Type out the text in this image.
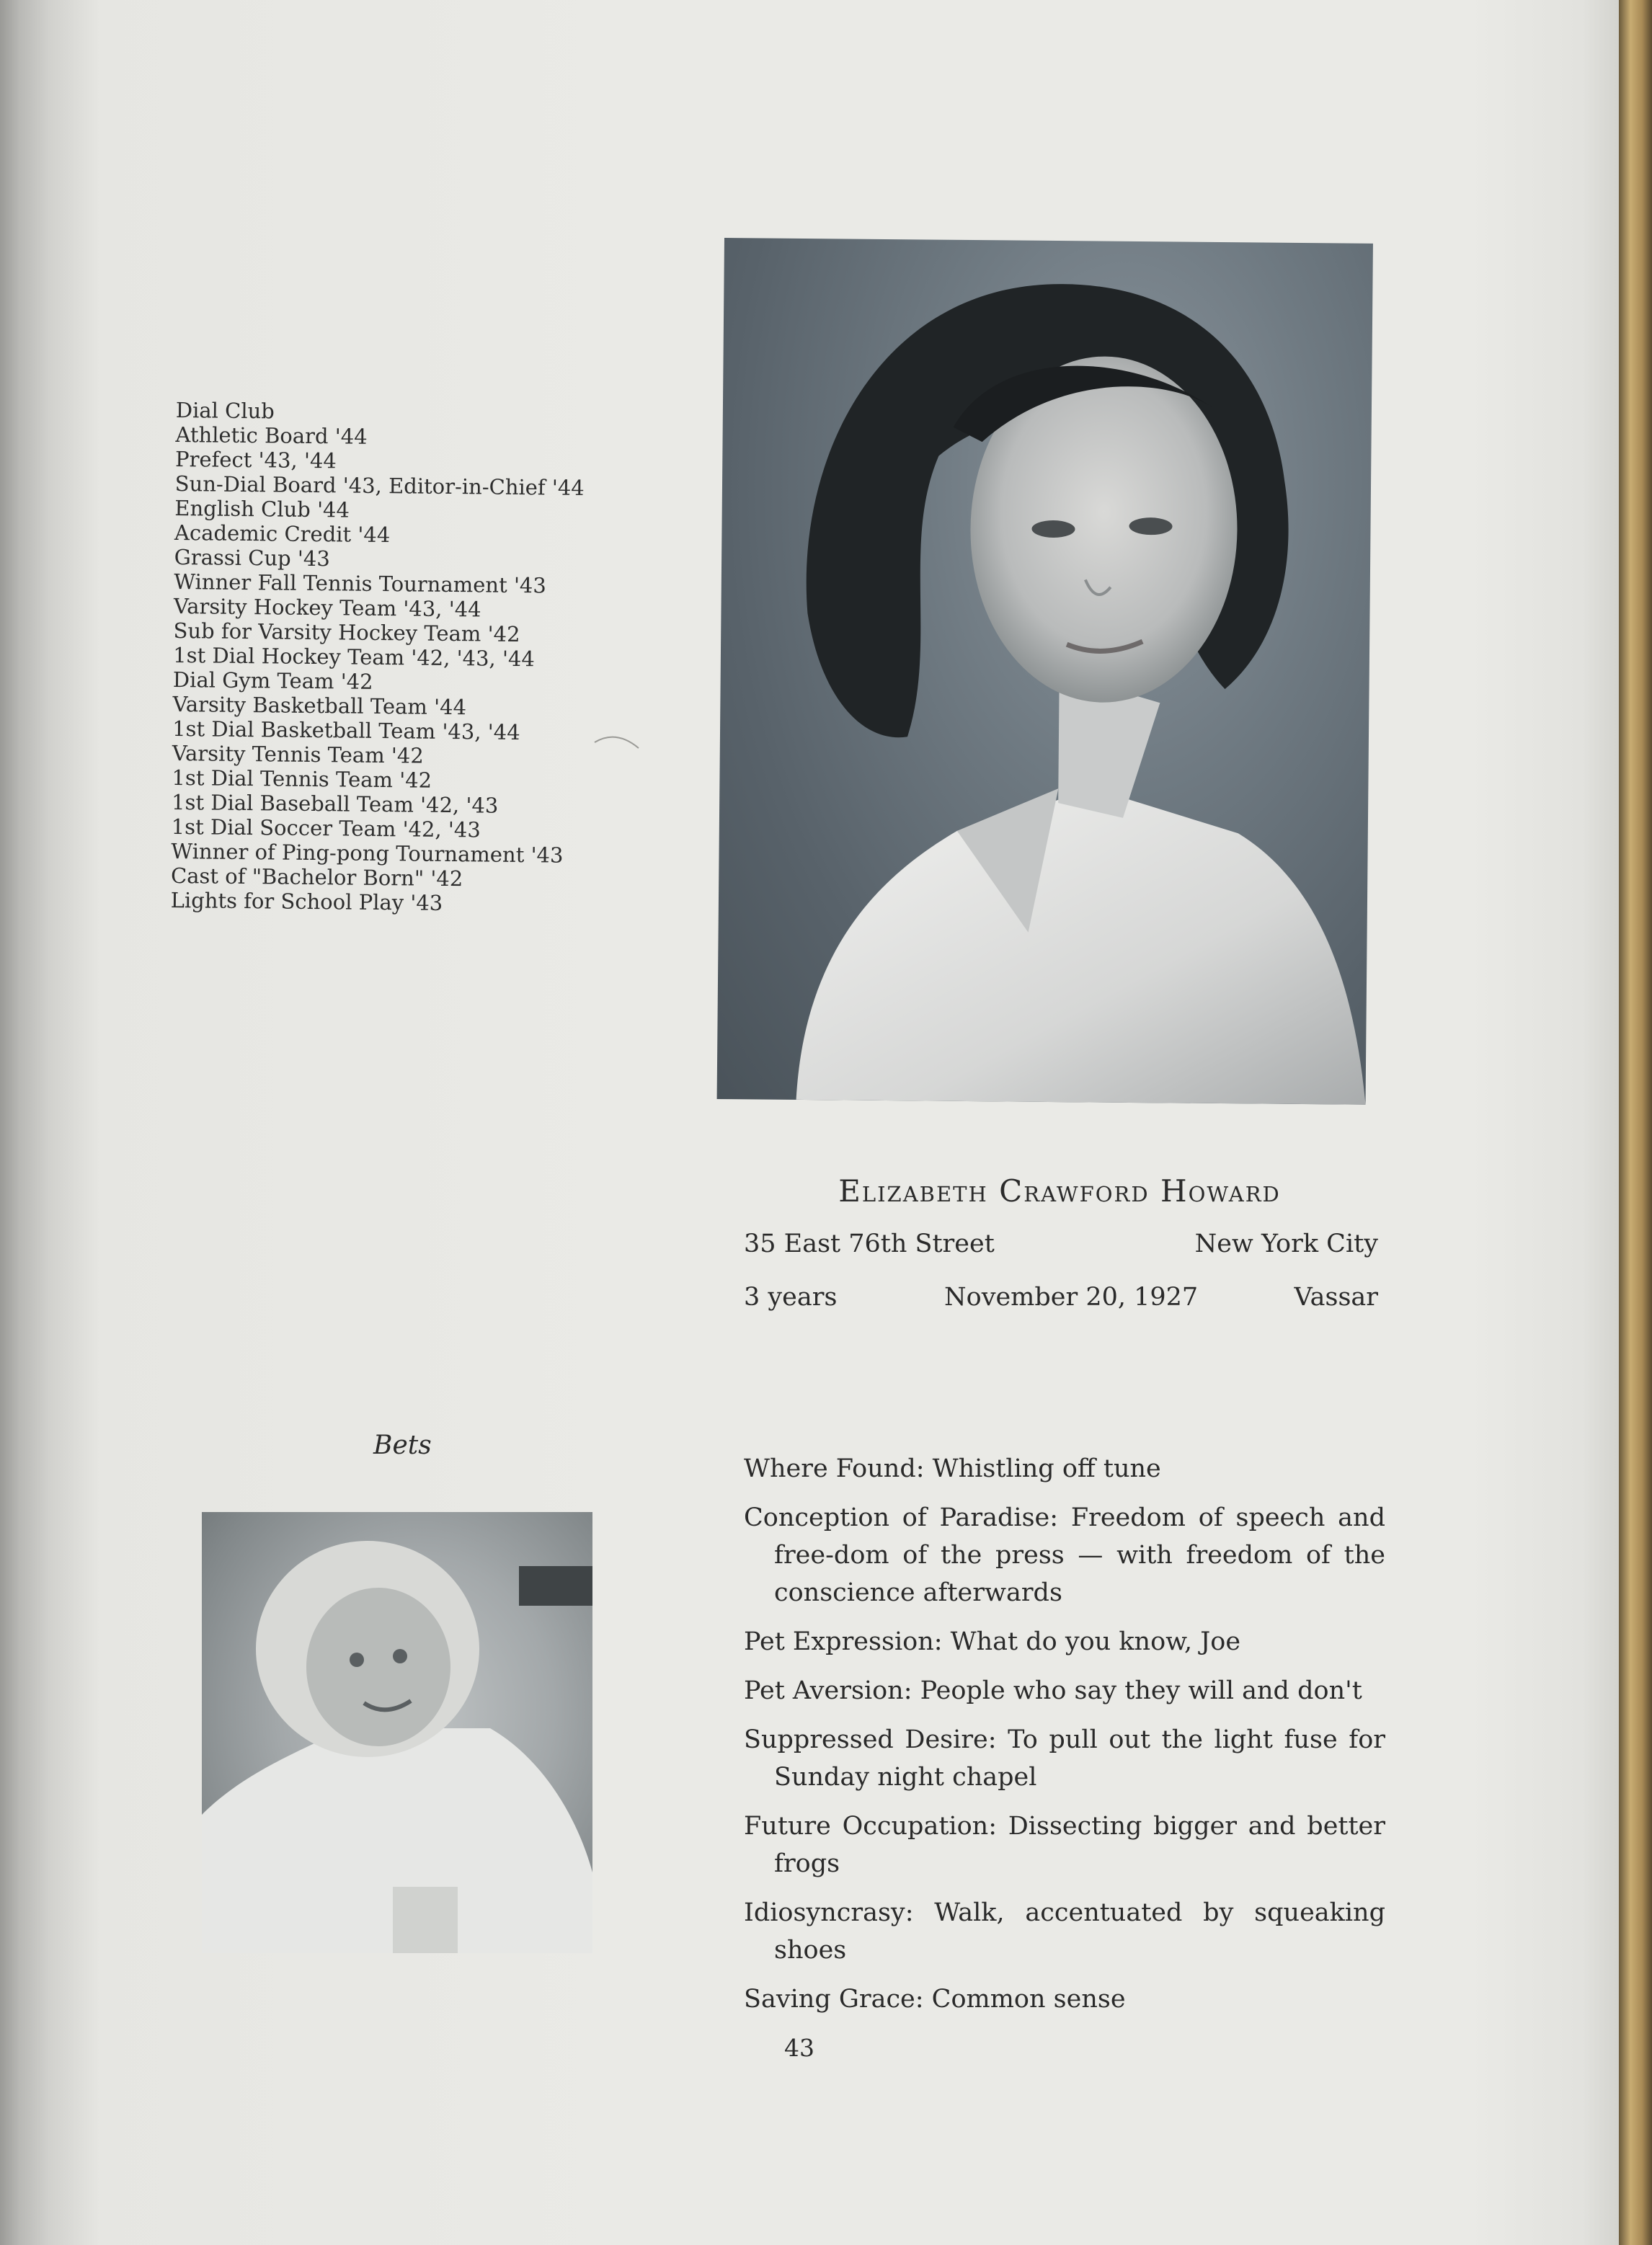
Dial Club
Athletic Board '44
Prefect '43, '44
Sun-Dial Board '43, Editor-in-Chief '44
English Club '44
Academic Credit '44
Grassi Cup '43
Winner Fall Tennis Tournament '43
Varsity Hockey Team '43, '44
Sub for Varsity Hockey Team '42
1st Dial Hockey Team '42, '43, '44
Dial Gym Team '42
Varsity Basketball Team '44
1st Dial Basketball Team '43, '44
Varsity Tennis Team '42
1st Dial Tennis Team '42
1st Dial Baseball Team '42, '43
1st Dial Soccer Team '42, '43
Winner of Ping-pong Tournament '43
Cast of "Bachelor Born" '42
Lights for School Play '43
Elizabeth Crawford Howard
35 East 76th Street	New York City
3 years	November 20, 1927	Vassar
Bets
Where Found: Whistling off tune
Conception of Paradise: Freedom of speech and free-dom of the press — with freedom of the conscience afterwards
Pet Expression: What do you know, Joe
Pet Aversion: People who say they will and don't
Suppressed Desire: To pull out the light fuse for Sunday night chapel
Future Occupation: Dissecting bigger and better frogs
Idiosyncrasy: Walk, accentuated by squeaking shoes
Saving Grace: Common sense
43
